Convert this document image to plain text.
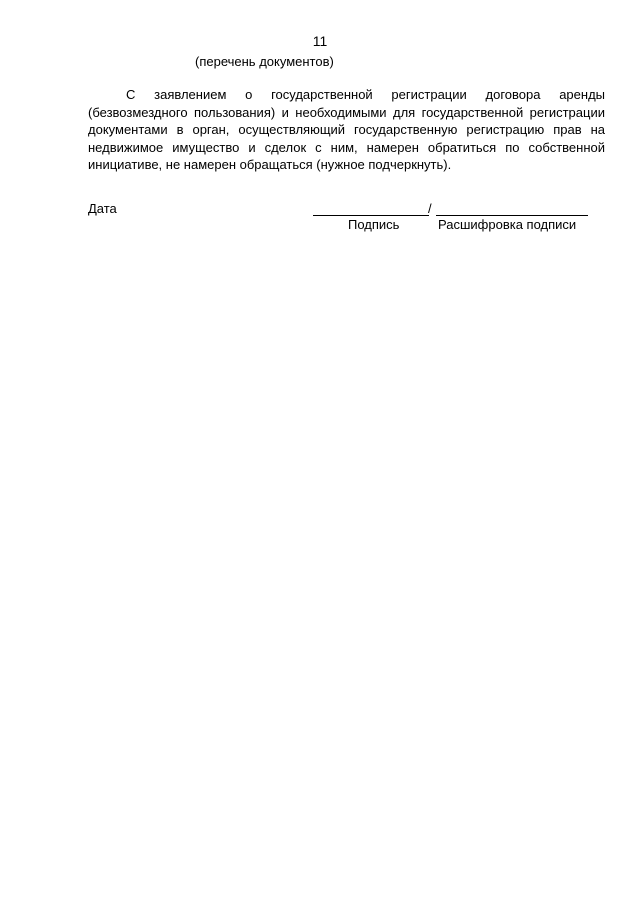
11
(перечень документов)

С заявлением о государственной регистрации договора аренды (безвозмездного пользования) и необходимыми для государственной регистрации документами в орган, осуществляющий государственную регистрацию прав на недвижимое имущество и сделок с ним, намерен обратиться по собственной инициативе, не намерен обращаться (нужное подчеркнуть).

Дата	/
Подпись	Расшифровка подписи
